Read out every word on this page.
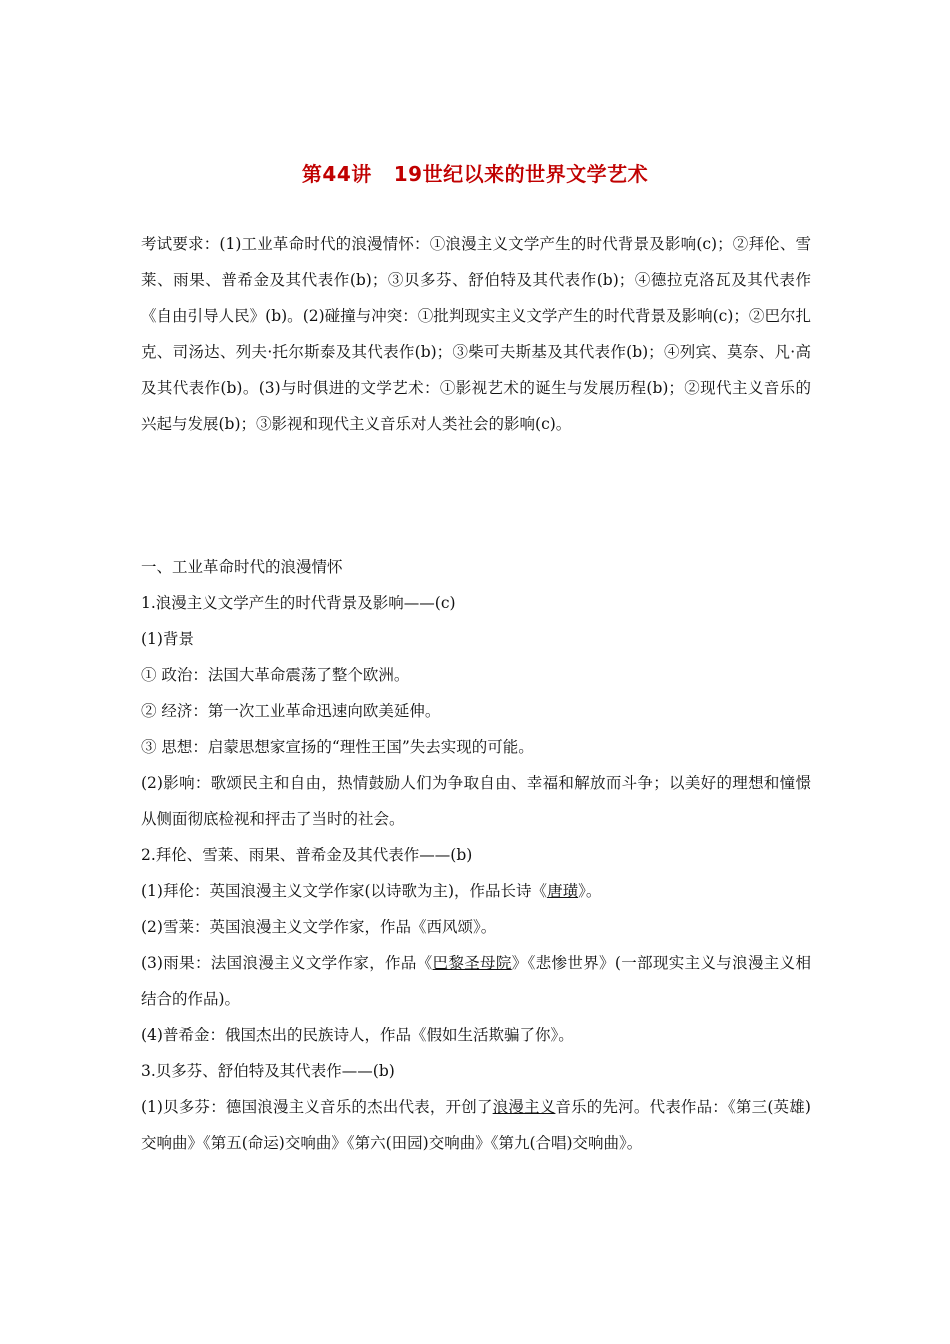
第44讲 19世纪以来的世界文学艺术
考试要求：(1)工业革命时代的浪漫情怀：①浪漫主义文学产生的时代背景及影响(c)；②拜伦、雪莱、雨果、普希金及其代表作(b)；③贝多芬、舒伯特及其代表作(b)；④德拉克洛瓦及其代表作《自由引导人民》(b)。(2)碰撞与冲突：①批判现实主义文学产生的时代背景及影响(c)；②巴尔扎克、司汤达、列夫·托尔斯泰及其代表作(b)；③柴可夫斯基及其代表作(b)；④列宾、莫奈、凡·高及其代表作(b)。(3)与时俱进的文学艺术：①影视艺术的诞生与发展历程(b)；②现代主义音乐的兴起与发展(b)；③影视和现代主义音乐对人类社会的影响(c)。
一、工业革命时代的浪漫情怀
1.浪漫主义文学产生的时代背景及影响——(c)
(1)背景
① 政治：法国大革命震荡了整个欧洲。
② 经济：第一次工业革命迅速向欧美延伸。
③ 思想：启蒙思想家宣扬的“理性王国”失去实现的可能。
(2)影响：歌颂民主和自由，热情鼓励人们为争取自由、幸福和解放而斗争；以美好的理想和憧憬从侧面彻底检视和抨击了当时的社会。
2.拜伦、雪莱、雨果、普希金及其代表作——(b)
(1)拜伦：英国浪漫主义文学作家(以诗歌为主)，作品长诗《唐璜》。
(2)雪莱：英国浪漫主义文学作家，作品《西风颂》。
(3)雨果：法国浪漫主义文学作家，作品《巴黎圣母院》《悲惨世界》(一部现实主义与浪漫主义相结合的作品)。
(4)普希金：俄国杰出的民族诗人，作品《假如生活欺骗了你》。
3.贝多芬、舒伯特及其代表作——(b)
(1)贝多芬：德国浪漫主义音乐的杰出代表，开创了浪漫主义音乐的先河。代表作品：《第三(英雄)交响曲》《第五(命运)交响曲》《第六(田园)交响曲》《第九(合唱)交响曲》。
